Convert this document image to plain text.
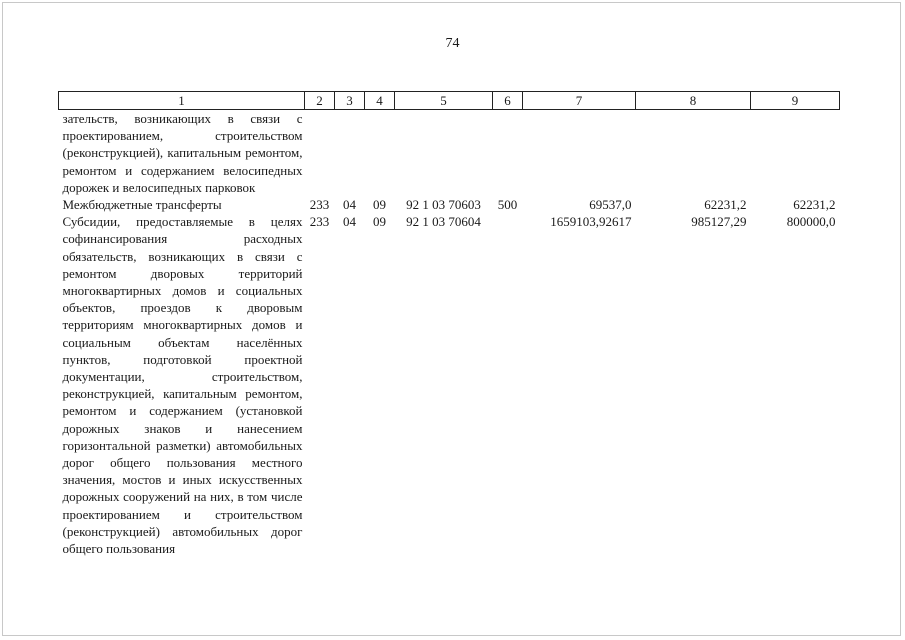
74
1	2	3	4	5	6	7	8	9
зательств, возникающих в связи с проектированием, строительством (реконструкцией), капитальным ремонтом, ремонтом и содержанием велосипедных дорожек и велосипедных парковок								
Межбюджетные трансферты	233	04	09	92 1 03 70603	500	69537,0	62231,2	62231,2
Субсидии, предоставляемые в целях софинансирования расходных обязательств, возникающих в связи с ремонтом дворовых территорий многоквартирных домов и социальных объектов, проездов к дворовым территориям многоквартирных домов и социальным объектам населённых пунктов, подготовкой проектной документации, строительством, реконструкцией, капитальным ремонтом, ремонтом и содержанием (установкой дорожных знаков и нанесением горизонтальной разметки) автомобильных дорог общего пользования местного значения, мостов и иных искусственных дорожных сооружений на них, в том числе проектированием и строительством (реконструкцией) автомобильных дорог общего пользования	233	04	09	92 1 03 70604		1659103,92617	985127,29	800000,0
